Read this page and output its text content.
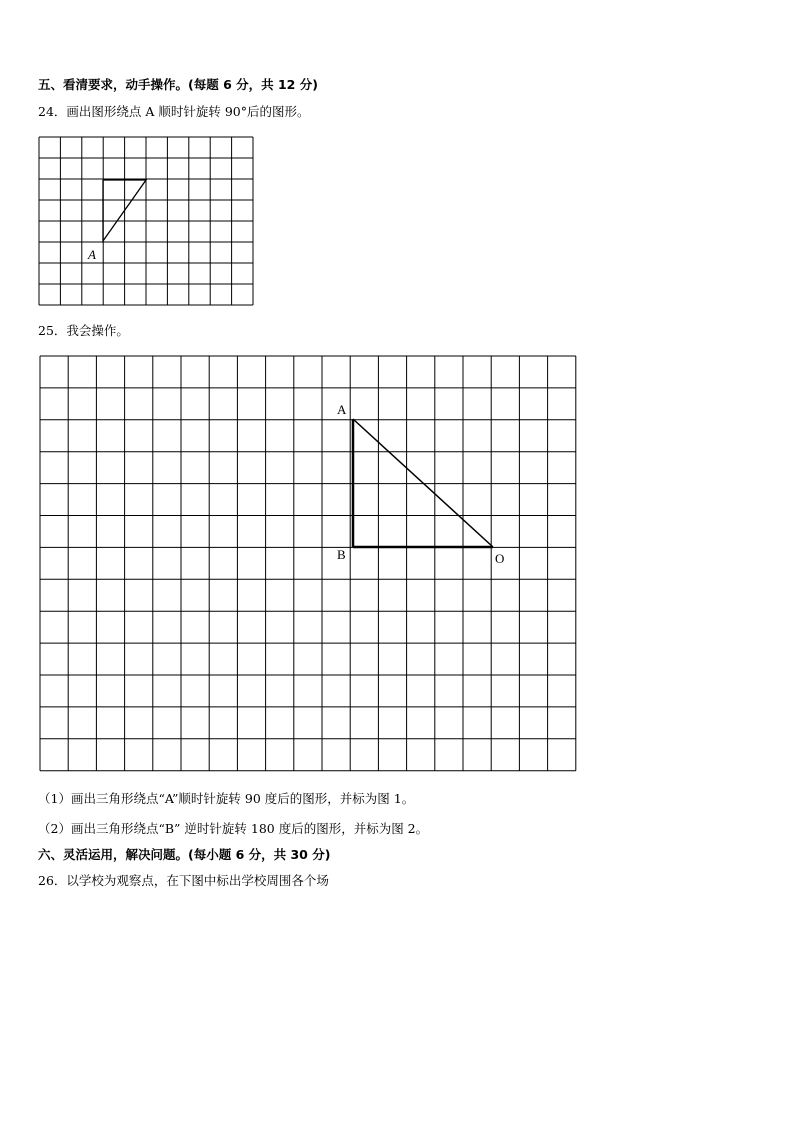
五、看清要求，动手操作。(每题 6 分，共 12 分)
24．画出图形绕点 A 顺时针旋转 90°后的图形。
A
25．我会操作。
A
B	O
（1）画出三角形绕点“A”顺时针旋转 90 度后的图形，并标为图 1。
（2）画出三角形绕点“B” 逆时针旋转 180 度后的图形，并标为图 2。
六、灵活运用，解决问题。(每小题 6 分，共 30 分)
26．以学校为观察点，在下图中标出学校周围各个场
